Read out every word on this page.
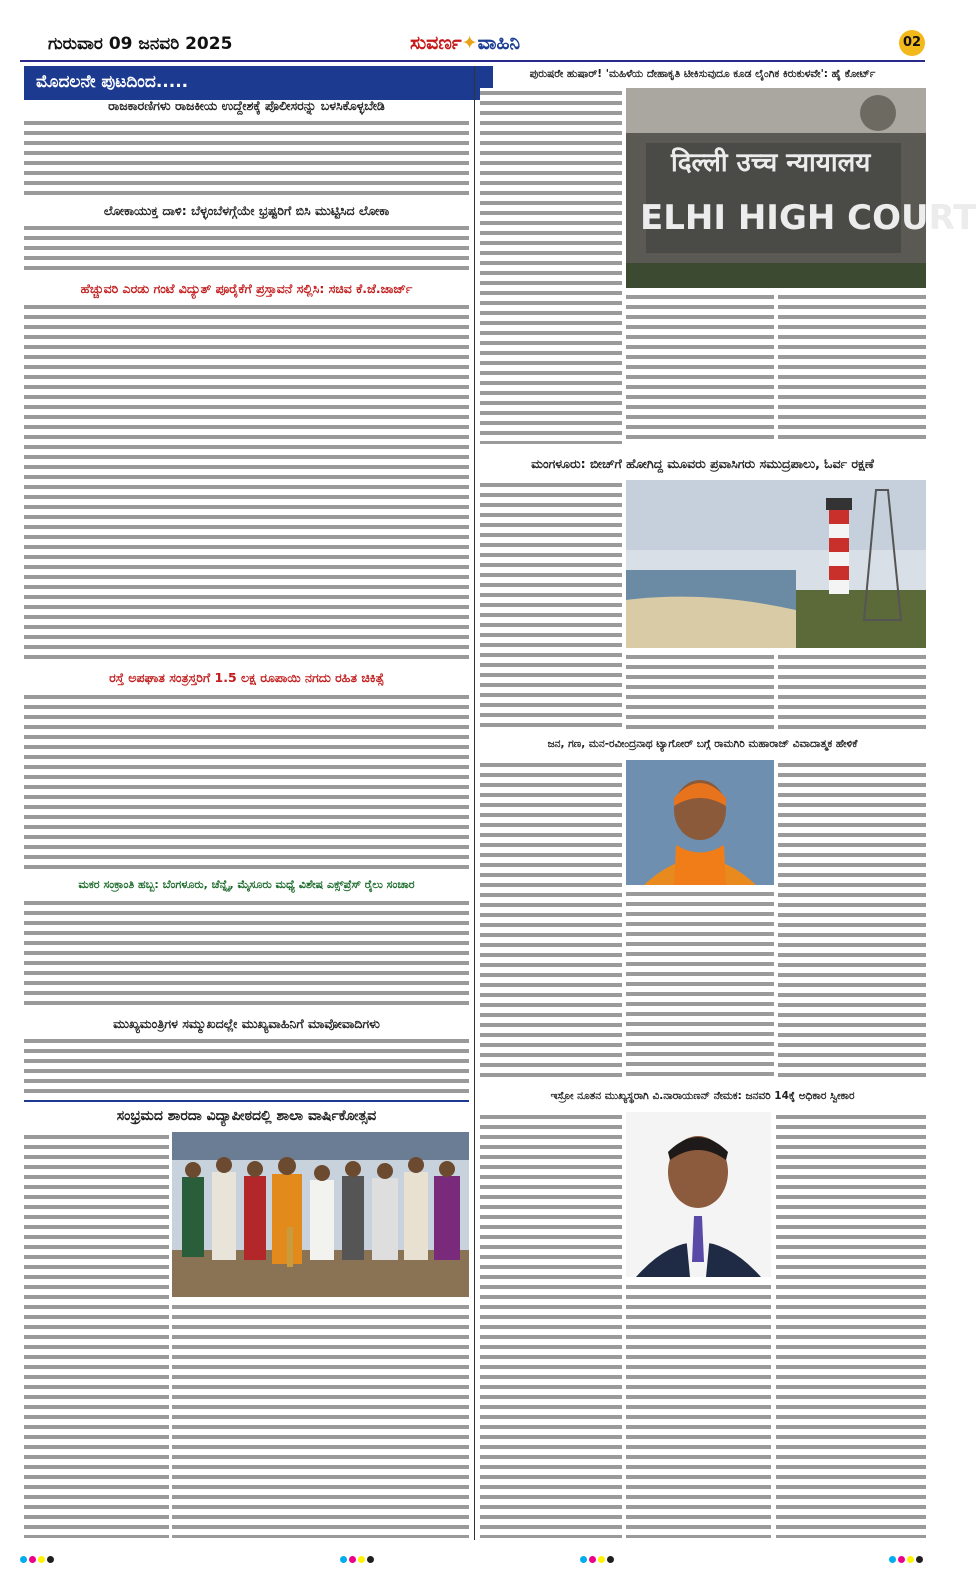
ಗುರುವಾರ 09 ಜನವರಿ 2025	ಸುವರ್ಣ✦ವಾಹಿನಿ	02
ಮೊದಲನೇ ಪುಟದಿಂದ.....
ರಾಜಕಾರಣಿಗಳು ರಾಜಕೀಯ ಉದ್ದೇಶಕ್ಕೆ ಪೊಲೀಸರನ್ನು ಬಳಸಿಕೊಳ್ಳಬೇಡಿ
ಲೋಕಾಯುಕ್ತ ದಾಳಿ: ಬೆಳ್ಳಂಬೆಳಗ್ಗೆಯೇ ಭ್ರಷ್ಟರಿಗೆ ಬಿಸಿ ಮುಟ್ಟಿಸಿದ ಲೋಕಾ
ಹೆಚ್ಚುವರಿ ಎರಡು ಗಂಟೆ ವಿದ್ಯುತ್ ಪೂರೈಕೆಗೆ ಪ್ರಸ್ತಾವನೆ ಸಲ್ಲಿಸಿ: ಸಚಿವ ಕೆ.ಜೆ.ಜಾರ್ಜ್
ರಸ್ತೆ ಅಪಘಾತ ಸಂತ್ರಸ್ತರಿಗೆ 1.5 ಲಕ್ಷ ರೂಪಾಯಿ ನಗದು ರಹಿತ ಚಿಕಿತ್ಸೆ
ಮಕರ ಸಂಕ್ರಾಂತಿ ಹಬ್ಬ: ಬೆಂಗಳೂರು, ಚೆನ್ನೈ, ಮೈಸೂರು ಮಧ್ಯೆ ವಿಶೇಷ ಎಕ್ಸ್‌ಪ್ರೆಸ್ ರೈಲು ಸಂಚಾರ
ಮುಖ್ಯಮಂತ್ರಿಗಳ ಸಮ್ಮುಖದಲ್ಲೇ ಮುಖ್ಯವಾಹಿನಿಗೆ ಮಾವೋವಾದಿಗಳು
ಸಂಭ್ರಮದ ಶಾರದಾ ವಿದ್ಯಾಪೀಠದಲ್ಲಿ ಶಾಲಾ ವಾರ್ಷಿಕೋತ್ಸವ
ಪುರುಷರೇ ಹುಷಾರ್! 'ಮಹಿಳೆಯ ದೇಹಾಕೃತಿ ಟೀಕಿಸುವುದೂ ಕೂಡ ಲೈಂಗಿಕ ಕಿರುಕುಳವೇ': ಹೈ ಕೋರ್ಟ್
दिल्ली उच्च न्यायालय
ELHI HIGH COURT
ಮಂಗಳೂರು: ಬೀಚ್‌ಗೆ ಹೋಗಿದ್ದ ಮೂವರು ಪ್ರವಾಸಿಗರು ಸಮುದ್ರಪಾಲು, ಓರ್ವ ರಕ್ಷಣೆ
ಜನ, ಗಣ, ಮನ-ರವೀಂದ್ರನಾಥ ಟ್ಯಾಗೋರ್ ಬಗ್ಗೆ ರಾಮಗಿರಿ ಮಹಾರಾಜ್ ವಿವಾದಾತ್ಮಕ ಹೇಳಿಕೆ
ಇಸ್ರೋ ನೂತನ ಮುಖ್ಯಸ್ಥರಾಗಿ ವಿ.ನಾರಾಯಣನ್ ನೇಮಕ: ಜನವರಿ 14ಕ್ಕೆ ಅಧಿಕಾರ ಸ್ವೀಕಾರ
